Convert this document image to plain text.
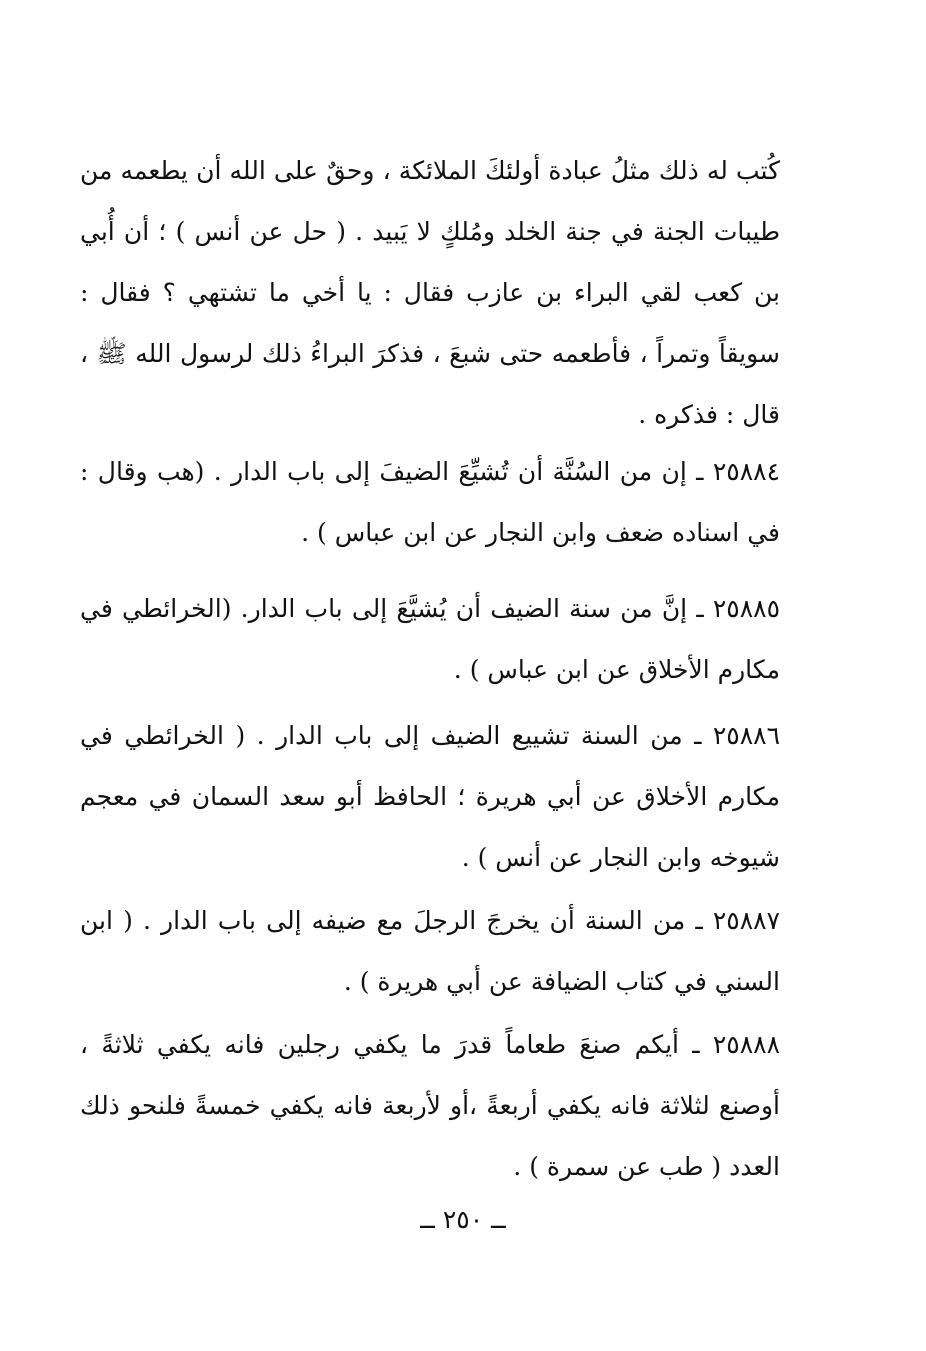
كُتب له ذلك مثلُ عبادة أولئكَ الملائكة ، وحقٌ على الله أن يطعمه من طيبات الجنة في جنة الخلد ومُلكٍ لا يَبيد . ( حل عن أنس ) ؛ أن أُبي بن كعب لقي البراء بن عازب فقال : يا أخي ما تشتهي ؟ فقال : سويقاً وتمراً ، فأطعمه حتى شبعَ ، فذكرَ البراءُ ذلك لرسول الله ﷺ ، قال : فذكره .

٢٥٨٨٤ ـ إن من السُنَّة أن تُشيِّعَ الضيفَ إلى باب الدار . (هب وقال : في اسناده ضعف وابن النجار عن ابن عباس ) .

٢٥٨٨٥ ـ إنَّ من سنة الضيف أن يُشيَّعَ إلى باب الدار. (الخرائطي في مكارم الأخلاق عن ابن عباس ) .

٢٥٨٨٦ ـ من السنة تشييع الضيف إلى باب الدار . ( الخرائطي في مكارم الأخلاق عن أبي هريرة ؛ الحافظ أبو سعد السمان في معجم شيوخه وابن النجار عن أنس ) .

٢٥٨٨٧ ـ من السنة أن يخرجَ الرجلَ مع ضيفه إلى باب الدار . ( ابن السني في كتاب الضيافة عن أبي هريرة ) .

٢٥٨٨٨ ـ أيكم صنعَ طعاماً قدرَ ما يكفي رجلين فانه يكفي ثلاثةً ، أوصنع لثلاثة فانه يكفي أربعةً ،أو لأربعة فانه يكفي خمسةً فلنحو ذلك العدد ( طب عن سمرة ) .

ــ ٢٥٠ ــ
